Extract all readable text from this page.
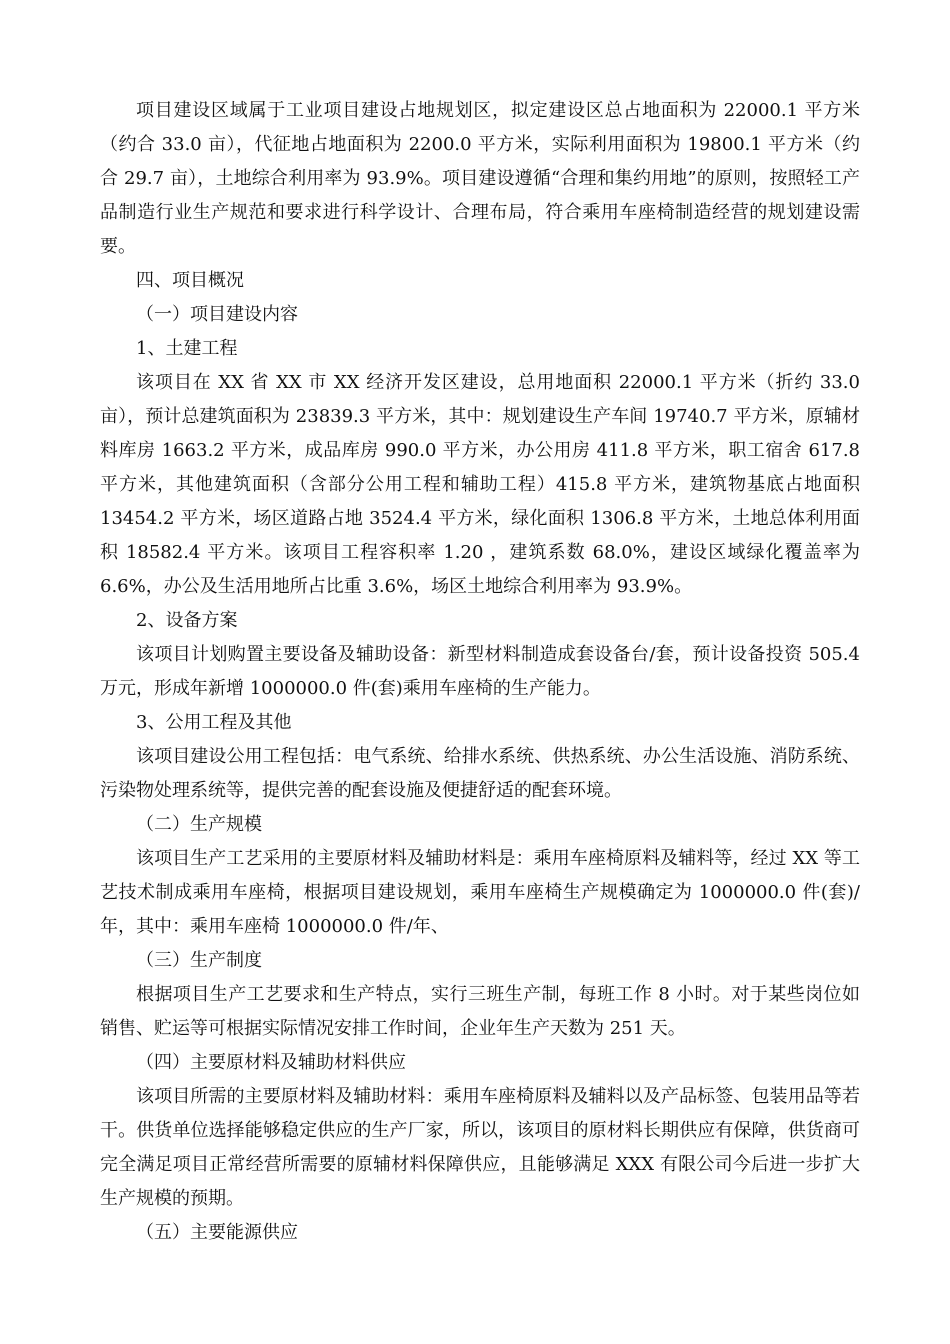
项目建设区域属于工业项目建设占地规划区，拟定建设区总占地面积为 22000.1 平方米（约合 33.0 亩），代征地占地面积为 2200.0 平方米，实际利用面积为 19800.1 平方米（约合 29.7 亩），土地综合利用率为 93.9%。项目建设遵循“合理和集约用地”的原则，按照轻工产品制造行业生产规范和要求进行科学设计、合理布局，符合乘用车座椅制造经营的规划建设需要。

四、项目概况

（一）项目建设内容

1、土建工程

该项目在 XX 省 XX 市 XX 经济开发区建设，总用地面积 22000.1 平方米（折约 33.0 亩），预计总建筑面积为 23839.3 平方米，其中：规划建设生产车间 19740.7 平方米，原辅材料库房 1663.2 平方米，成品库房 990.0 平方米，办公用房 411.8 平方米，职工宿舍 617.8 平方米，其他建筑面积（含部分公用工程和辅助工程）415.8 平方米，建筑物基底占地面积 13454.2 平方米，场区道路占地 3524.4 平方米，绿化面积 1306.8 平方米，土地总体利用面积 18582.4 平方米。该项目工程容积率 1.20 ，建筑系数 68.0%，建设区域绿化覆盖率为 6.6%，办公及生活用地所占比重 3.6%，场区土地综合利用率为 93.9%。

2、设备方案

该项目计划购置主要设备及辅助设备：新型材料制造成套设备台/套，预计设备投资 505.4 万元，形成年新增 1000000.0 件(套)乘用车座椅的生产能力。

3、公用工程及其他

该项目建设公用工程包括：电气系统、给排水系统、供热系统、办公生活设施、消防系统、污染物处理系统等，提供完善的配套设施及便捷舒适的配套环境。

（二）生产规模

该项目生产工艺采用的主要原材料及辅助材料是：乘用车座椅原料及辅料等，经过 XX 等工艺技术制成乘用车座椅，根据项目建设规划，乘用车座椅生产规模确定为 1000000.0 件(套)/年，其中：乘用车座椅 1000000.0 件/年、

（三）生产制度

根据项目生产工艺要求和生产特点，实行三班生产制，每班工作 8 小时。对于某些岗位如销售、贮运等可根据实际情况安排工作时间，企业年生产天数为 251 天。

（四）主要原材料及辅助材料供应

该项目所需的主要原材料及辅助材料：乘用车座椅原料及辅料以及产品标签、包装用品等若干。供货单位选择能够稳定供应的生产厂家，所以，该项目的原材料长期供应有保障，供货商可完全满足项目正常经营所需要的原辅材料保障供应，且能够满足 XXX 有限公司今后进一步扩大生产规模的预期。

（五）主要能源供应
